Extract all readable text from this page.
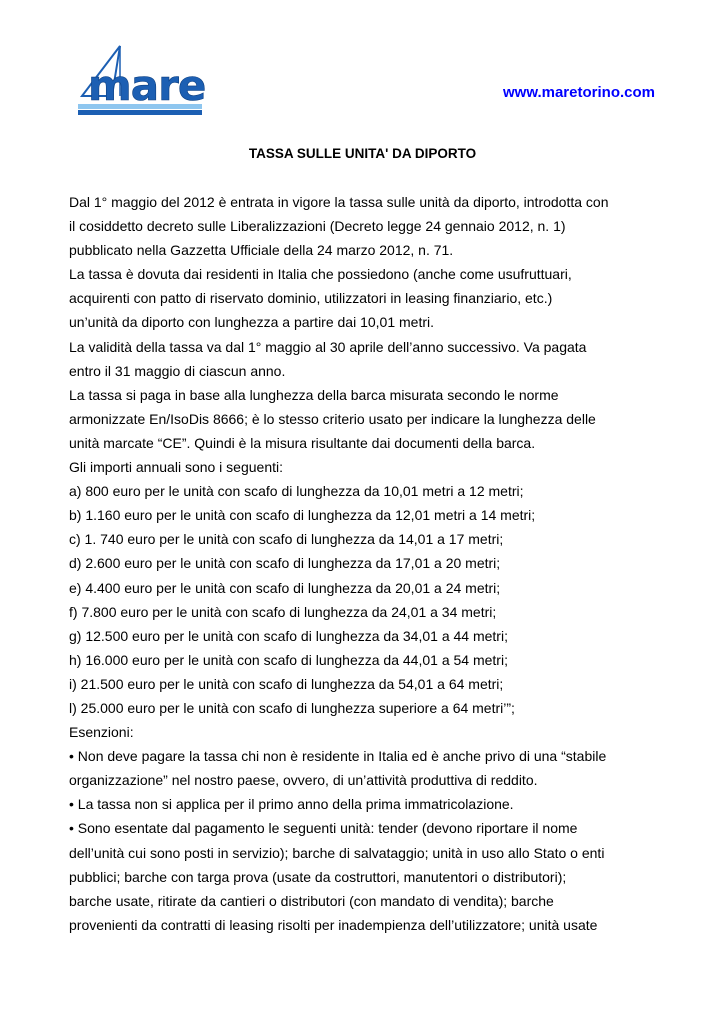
mare	www.maretorino.com
TASSA SULLE UNITA' DA DIPORTO
Dal 1° maggio del 2012 è entrata in vigore la tassa sulle unità da diporto, introdotta con
il cosiddetto decreto sulle Liberalizzazioni (Decreto legge 24 gennaio 2012, n. 1)
pubblicato nella Gazzetta Ufficiale della 24 marzo 2012, n. 71.
La tassa è dovuta dai residenti in Italia che possiedono (anche come usufruttuari,
acquirenti con patto di riservato dominio, utilizzatori in leasing finanziario, etc.)
un’unità da diporto con lunghezza a partire dai 10,01 metri.
La validità della tassa va dal 1° maggio al 30 aprile dell’anno successivo. Va pagata
entro il 31 maggio di ciascun anno.
La tassa si paga in base alla lunghezza della barca misurata secondo le norme
armonizzate En/IsoDis 8666; è lo stesso criterio usato per indicare la lunghezza delle
unità marcate “CE”. Quindi è la misura risultante dai documenti della barca.
Gli importi annuali sono i seguenti:
a) 800 euro per le unità con scafo di lunghezza da 10,01 metri a 12 metri;
b) 1.160 euro per le unità con scafo di lunghezza da 12,01 metri a 14 metri;
c) 1. 740 euro per le unità con scafo di lunghezza da 14,01 a 17 metri;
d) 2.600 euro per le unità con scafo di lunghezza da 17,01 a 20 metri;
e) 4.400 euro per le unità con scafo di lunghezza da 20,01 a 24 metri;
f) 7.800 euro per le unità con scafo di lunghezza da 24,01 a 34 metri;
g) 12.500 euro per le unità con scafo di lunghezza da 34,01 a 44 metri;
h) 16.000 euro per le unità con scafo di lunghezza da 44,01 a 54 metri;
i) 21.500 euro per le unità con scafo di lunghezza da 54,01 a 64 metri;
l) 25.000 euro per le unità con scafo di lunghezza superiore a 64 metri’”;
Esenzioni:
• Non deve pagare la tassa chi non è residente in Italia ed è anche privo di una “stabile
organizzazione” nel nostro paese, ovvero, di un’attività produttiva di reddito.
• La tassa non si applica per il primo anno della prima immatricolazione.
• Sono esentate dal pagamento le seguenti unità: tender (devono riportare il nome
dell’unità cui sono posti in servizio); barche di salvataggio; unità in uso allo Stato o enti
pubblici; barche con targa prova (usate da costruttori, manutentori o distributori);
barche usate, ritirate da cantieri o distributori (con mandato di vendita); barche
provenienti da contratti di leasing risolti per inadempienza dell’utilizzatore; unità usate
